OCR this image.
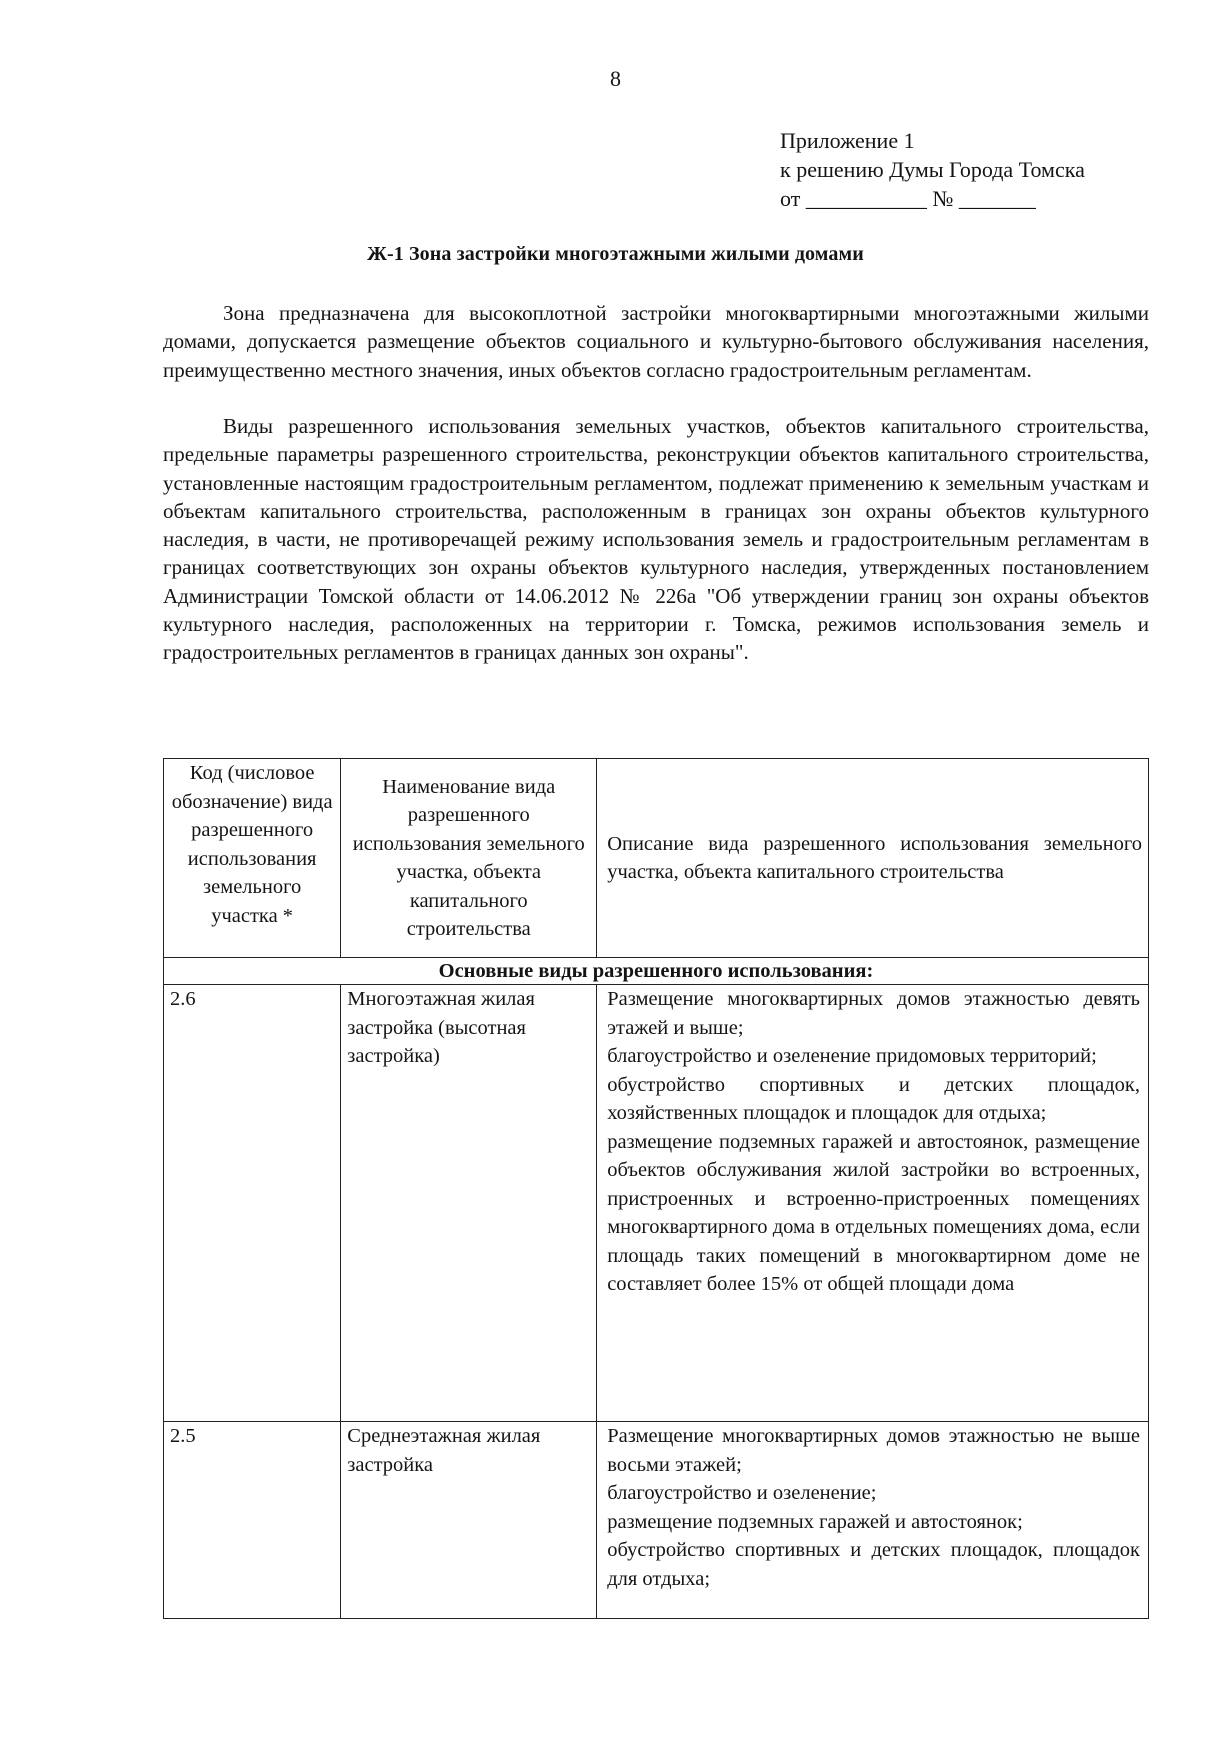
8
Приложение 1
к решению Думы Города Томска
от ___________ № _______
Ж-1 Зона застройки многоэтажными жилыми домами
Зона предназначена для высокоплотной застройки многоквартирными многоэтажными жилыми домами, допускается размещение объектов социального и культурно-бытового обслуживания населения, преимущественно местного значения, иных объектов согласно градостроительным регламентам.
Виды разрешенного использования земельных участков, объектов капитального строительства, предельные параметры разрешенного строительства, реконструкции объектов капитального строительства, установленные настоящим градостроительным регламентом, подлежат применению к земельным участкам и объектам капитального строительства, расположенным в границах зон охраны объектов культурного наследия, в части, не противоречащей режиму использования земель и градостроительным регламентам в границах соответствующих зон охраны объектов культурного наследия, утвержденных постановлением Администрации Томской области от 14.06.2012 № 226а "Об утверждении границ зон охраны объектов культурного наследия, расположенных на территории г. Томска, режимов использования земель и градостроительных регламентов в границах данных зон охраны".
Код (числовое обозначение) вида разрешенного использования земельного участка *	Наименование вида разрешенного использования земельного участка, объекта капитального строительства	Описание вида разрешенного использования земельного участка, объекта капитального строительства
Основные виды разрешенного использования:		
2.6	Многоэтажная жилая застройка (высотная застройка)	Размещение многоквартирных домов этажностью девять этажей и выше;
благоустройство и озеленение придомовых территорий;
обустройство спортивных и детских площадок, хозяйственных площадок и площадок для отдыха;
размещение подземных гаражей и автостоянок, размещение объектов обслуживания жилой застройки во встроенных, пристроенных и встроенно-пристроенных помещениях многоквартирного дома в отдельных помещениях дома, если площадь таких помещений в многоквартирном доме не составляет более 15% от общей площади дома

2.5	Среднеэтажная жилая застройка	Размещение многоквартирных домов этажностью не выше восьми этажей;
благоустройство и озеленение;
размещение подземных гаражей и автостоянок;
обустройство спортивных и детских площадок, площадок для отдыха;
